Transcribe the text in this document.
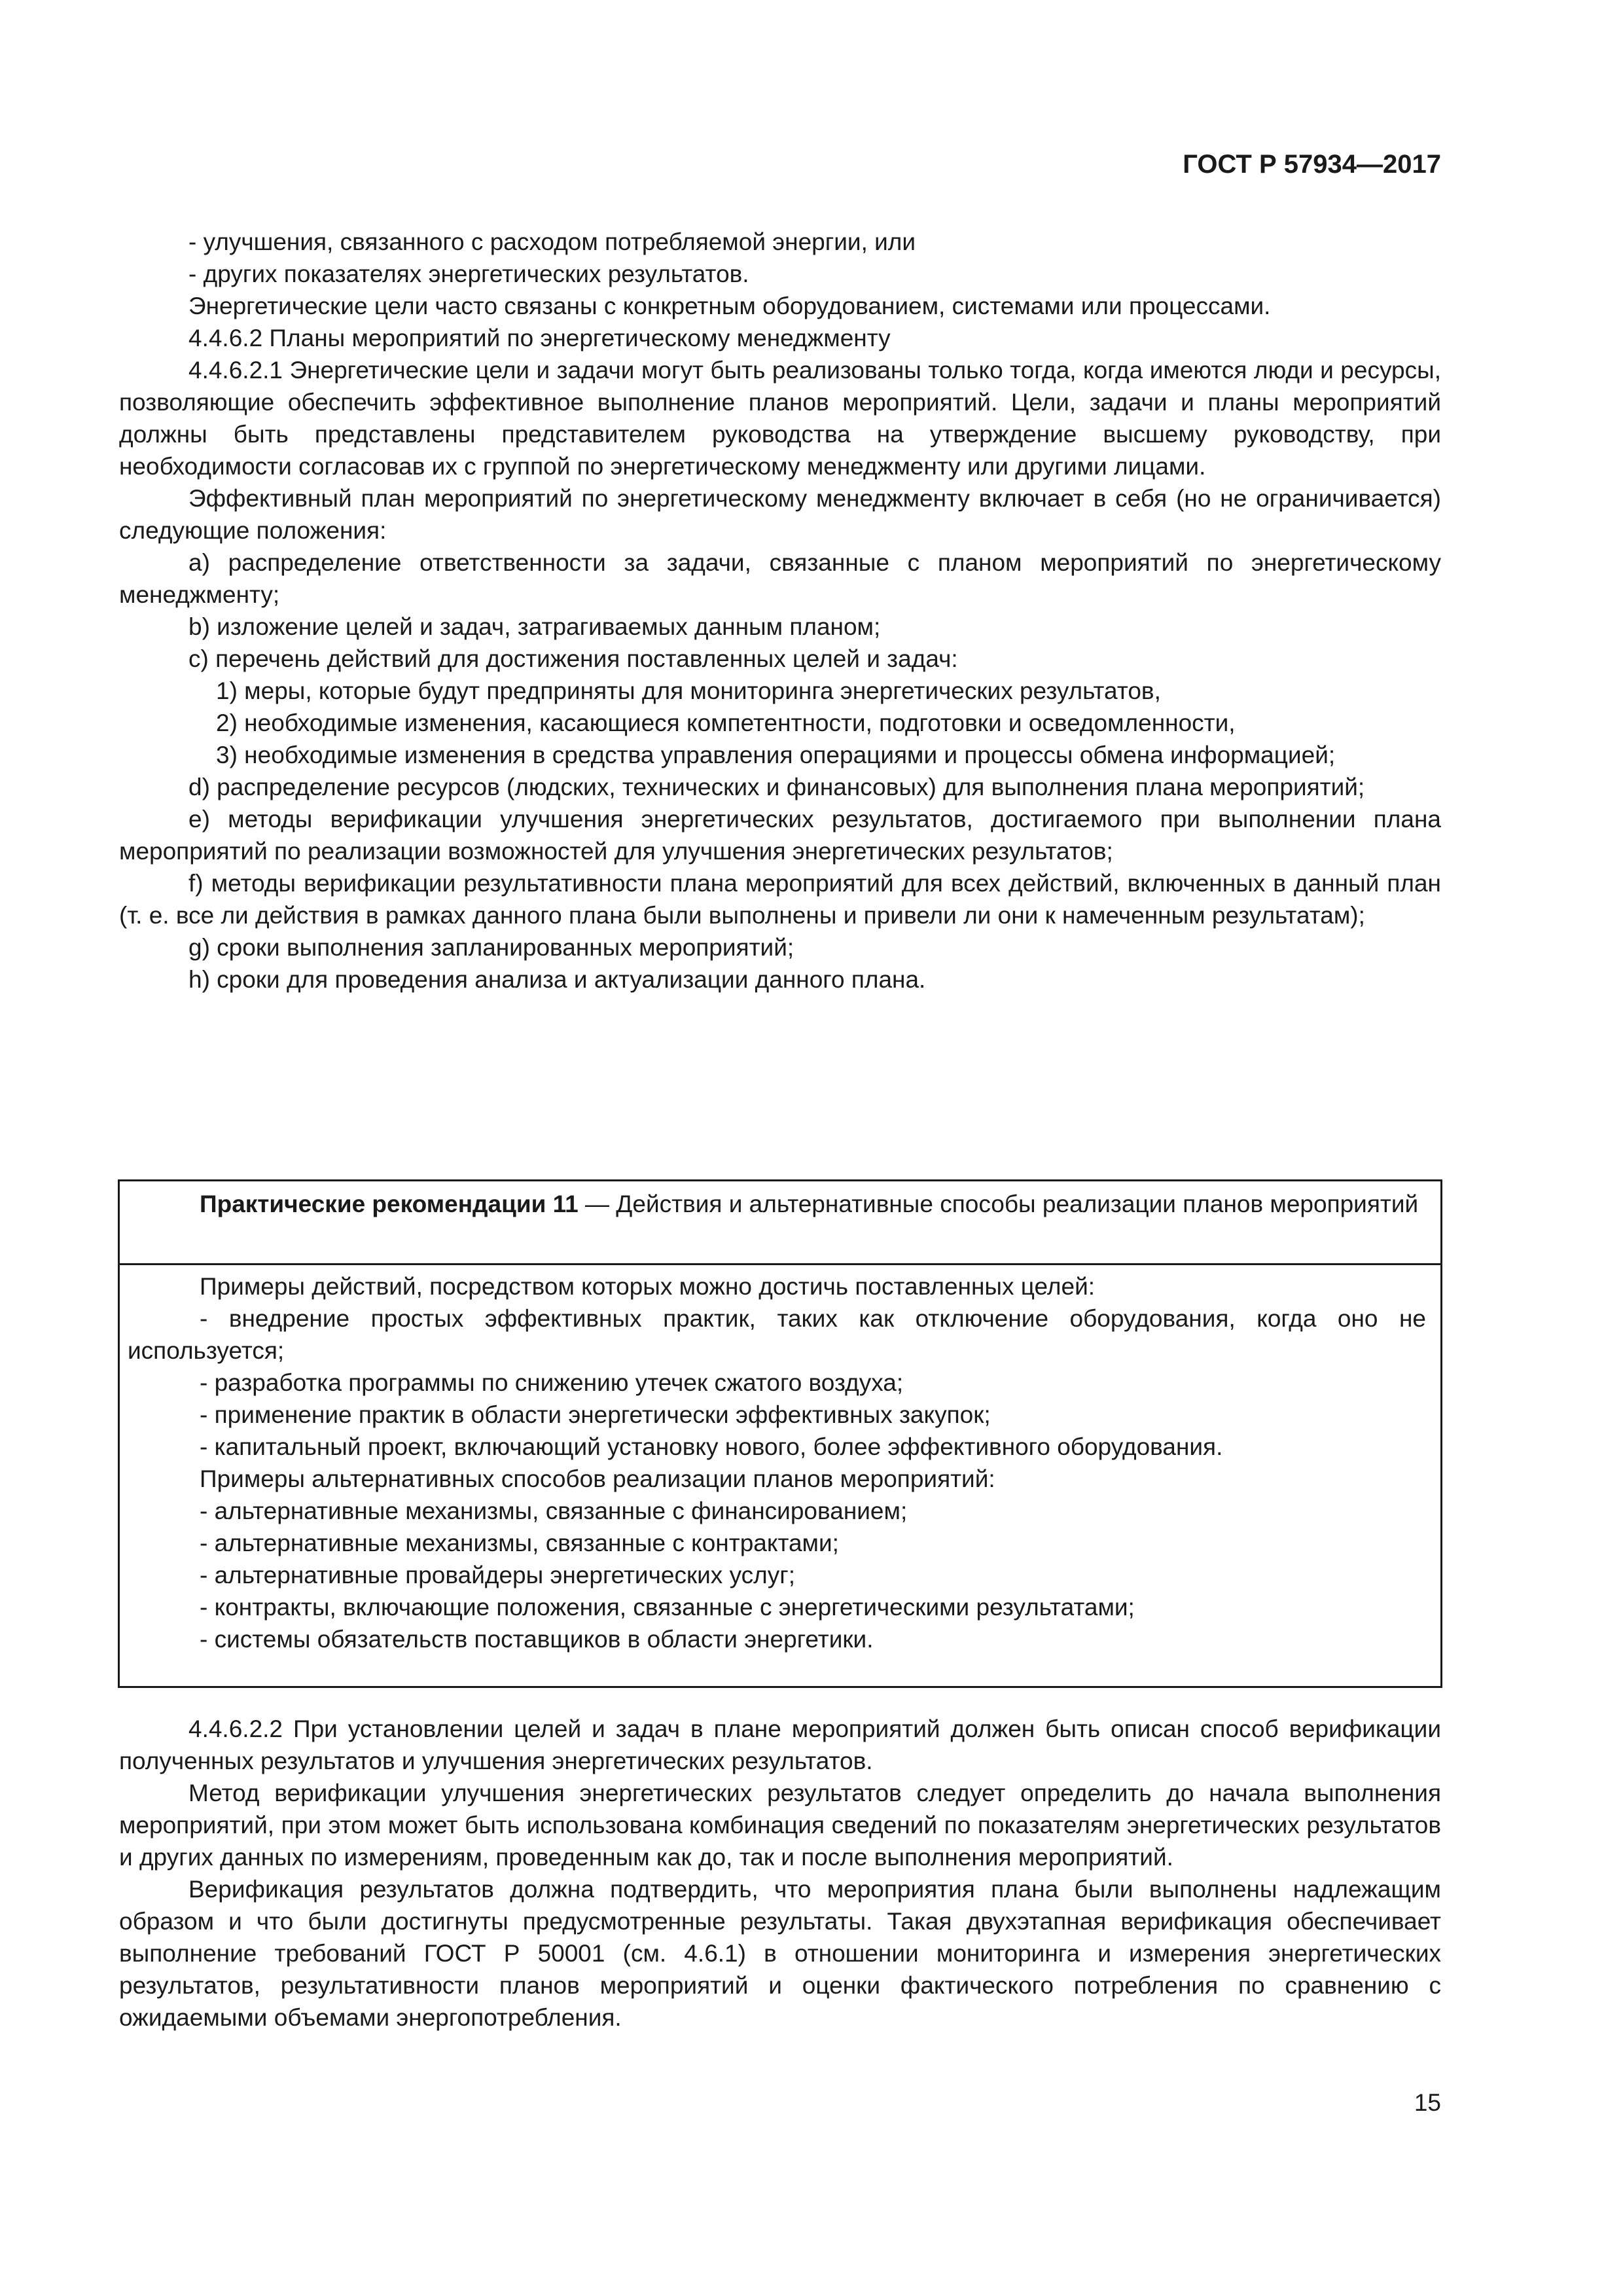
ГОСТ Р 57934—2017

- улучшения, связанного с расходом потребляемой энергии, или

- других показателях энергетических результатов.

Энергетические цели часто связаны с конкретным оборудованием, системами или процессами.

4.4.6.2 Планы мероприятий по энергетическому менеджменту

4.4.6.2.1 Энергетические цели и задачи могут быть реализованы только тогда, когда имеются люди и ресурсы, позволяющие обеспечить эффективное выполнение планов мероприятий. Цели, задачи и планы мероприятий должны быть представлены представителем руководства на утверждение высшему руководству, при необходимости согласовав их с группой по энергетическому менеджменту или другими лицами.

Эффективный план мероприятий по энергетическому менеджменту включает в себя (но не ограничивается) следующие положения:

a) распределение ответственности за задачи, связанные с планом мероприятий по энергетическому менеджменту;

b) изложение целей и задач, затрагиваемых данным планом;

c) перечень действий для достижения поставленных целей и задач:

1) меры, которые будут предприняты для мониторинга энергетических результатов,

2) необходимые изменения, касающиеся компетентности, подготовки и осведомленности,

3) необходимые изменения в средства управления операциями и процессы обмена информацией;

d) распределение ресурсов (людских, технических и финансовых) для выполнения плана мероприятий;

e) методы верификации улучшения энергетических результатов, достигаемого при выполнении плана мероприятий по реализации возможностей для улучшения энергетических результатов;

f) методы верификации результативности плана мероприятий для всех действий, включенных в данный план (т. е. все ли действия в рамках данного плана были выполнены и привели ли они к намеченным результатам);

g) сроки выполнения запланированных мероприятий;

h) сроки для проведения анализа и актуализации данного плана.

Практические рекомендации 11 — Действия и альтернативные способы реализации планов мероприятий

Примеры действий, посредством которых можно достичь поставленных целей:

- внедрение простых эффективных практик, таких как отключение оборудования, когда оно не используется;

- разработка программы по снижению утечек сжатого воздуха;

- применение практик в области энергетически эффективных закупок;

- капитальный проект, включающий установку нового, более эффективного оборудования.

Примеры альтернативных способов реализации планов мероприятий:

- альтернативные механизмы, связанные с финансированием;

- альтернативные механизмы, связанные с контрактами;

- альтернативные провайдеры энергетических услуг;

- контракты, включающие положения, связанные с энергетическими результатами;

- системы обязательств поставщиков в области энергетики.

4.4.6.2.2 При установлении целей и задач в плане мероприятий должен быть описан способ верификации полученных результатов и улучшения энергетических результатов.

Метод верификации улучшения энергетических результатов следует определить до начала выполнения мероприятий, при этом может быть использована комбинация сведений по показателям энергетических результатов и других данных по измерениям, проведенным как до, так и после выполнения мероприятий.

Верификация результатов должна подтвердить, что мероприятия плана были выполнены надлежащим образом и что были достигнуты предусмотренные результаты. Такая двухэтапная верификация обеспечивает выполнение требований ГОСТ Р 50001 (см. 4.6.1) в отношении мониторинга и измерения энергетических результатов, результативности планов мероприятий и оценки фактического потребления по сравнению с ожидаемыми объемами энергопотребления.

15
